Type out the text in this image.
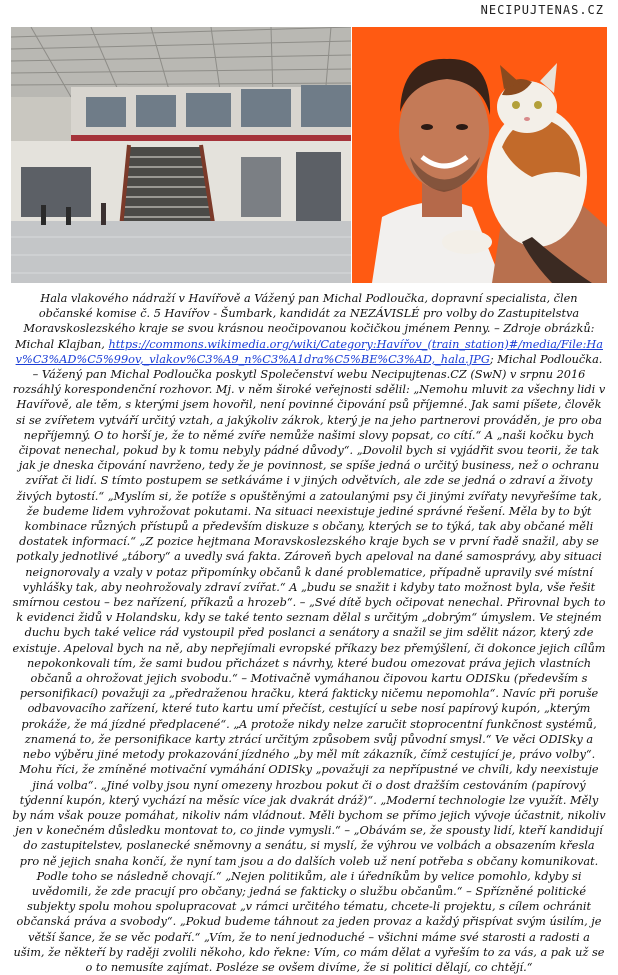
NECIPUJTENAS.CZ

Hala vlakového nádraží v Havířově a Vážený pan Michal Podloučka, dopravní specialista, člen občanské komise č. 5 Havířov - Šumbark, kandidát za NEZÁVISLÉ pro volby do Zastupitelstva Moravskoslezského kraje se svou krásnou neočipovanou kočičkou jménem Penny. – Zdroje obrázků: Michal Klajban, https://commons.wikimedia.org/wiki/Category:Havířov_(train_station)#/media/File:Hav%C3%AD%C5%99ov,_vlakov%C3%A9_n%C3%A1dra%C5%BE%C3%AD,_hala.JPG; Michal Podloučka. – Vážený pan Michal Podloučka poskytl Společenství webu Necipujtenas.CZ (SwN) v srpnu 2016 rozsáhlý korespondenční rozhovor. Mj. v něm široké veřejnosti sdělil: „Nemohu mluvit za všechny lidi v Havířově, ale těm, s kterými jsem hovořil, není povinné čipování psů příjemné. Jak sami píšete, člověk si se zvířetem vytváří určitý vztah, a jakýkoliv zákrok, který je na jeho partnerovi prováděn, je pro oba nepříjemný. O to horší je, že to němé zvíře nemůže našimi slovy popsat, co cítí.“ A „naši kočku bych čipovat nenechal, pokud by k tomu nebyly pádné důvody“. „Dovolil bych si vyjádřit svou teorii, že tak jak je dneska čipování navrženo, tedy že je povinnost, se spíše jedná o určitý business, než o ochranu zvířat či lidí. S tímto postupem se setkáváme i v jiných odvětvích, ale zde se jedná o zdraví a životy živých bytostí.“ „Myslím si, že potíže s opuštěnými a zatoulanými psy či jinými zvířaty nevyřešíme tak, že budeme lidem vyhrožovat pokutami. Na situaci neexistuje jediné správné řešení. Měla by to být kombinace různých přístupů a především diskuze s občany, kterých se to týká, tak aby občané měli dostatek informací.“ „Z pozice hejtmana Moravskoslezského kraje bych se v první řadě snažil, aby se potkaly jednotlivé „tábory“ a uvedly svá fakta. Zároveň bych apeloval na dané samosprávy, aby situaci neignorovaly a vzaly v potaz připomínky občanů k dané problematice, případně upravily své místní vyhlášky tak, aby neohrožovaly zdraví zvířat.“ A „budu se snažit i kdyby tato možnost byla, vše řešit smírnou cestou – bez nařízení, příkazů a hrozeb“. – „Své dítě bych očipovat nenechal. Přirovnal bych to k evidenci židů v Holandsku, kdy se také tento seznam dělal s určitým „dobrým“ úmyslem. Ve stejném duchu bych také velice rád vystoupil před poslanci a senátory a snažil se jim sdělit názor, který zde existuje. Apeloval bych na ně, aby nepřejímali evropské příkazy bez přemýšlení, či dokonce jejich cílům nepokonkovali tím, že sami budou přicházet s návrhy, které budou omezovat práva jejich vlastních občanů a ohrožovat jejich svobodu.“ – Motivačně vymáhanou čipovou kartu ODISku (především s personifikací) považuji za „předraženou hračku, která fakticky ničemu nepomohla“. Navíc při poruše odbavovacího zařízení, které tuto kartu umí přečíst, cestující u sebe nosí papírový kupón, „kterým prokáže, že má jízdné předplacené“. „A protože nikdy nelze zaručit stoprocentní funkčnost systémů, znamená to, že personifikace karty ztrácí určitým způsobem svůj původní smysl.“ Ve věci ODISky a nebo výběru jiné metody prokazování jízdného „by měl mít zákazník, čímž cestující je, právo volby“. Mohu říci, že zmíněné motivační vymáhání ODISky „považuji za nepřípustné ve chvíli, kdy neexistuje jiná volba“. „Jiné volby jsou nyní omezeny hrozbou pokut či o dost dražším cestováním (papírový týdenní kupón, který vychází na měsíc více jak dvakrát dráž)“. „Moderní technologie lze využít. Měly by nám však pouze pomáhat, nikoliv nám vládnout. Měli bychom se přímo jejich vývoje účastnit, nikoliv jen v konečném důsledku montovat to, co jinde vymysli.“ – „Obávám se, že spousty lidí, kteří kandidují do zastupitelstev, poslanecké sněmovny a senátu, si myslí, že výhrou ve volbách a obsazením křesla pro ně jejich snaha končí, že nyní tam jsou a do dalších voleb už není potřeba s občany komunikovat. Podle toho se následně chovají.“ „Nejen politikům, ale i úředníkům by velice pomohlo, kdyby si uvědomili, že zde pracují pro občany; jedná se fakticky o službu občanům.“ – Spřízněné politické subjekty spolu mohou spolupracovat „v rámci určitého tématu, chcete-li projektu, s cílem ochránit občanská práva a svobody“. „Pokud budeme táhnout za jeden provaz a každý přispívat svým úsilím, je větší šance, že se věc podaří.“ „Vím, že to není jednoduché – všichni máme své starosti a radosti a ušim, že někteří by raději zvolili někoho, kdo řekne: Vím, co mám dělat a vyřeším to za vás, a pak už se o to nemusíte zajímat. Posléze se ovšem divíme, že si politici dělají, co chtějí.“
